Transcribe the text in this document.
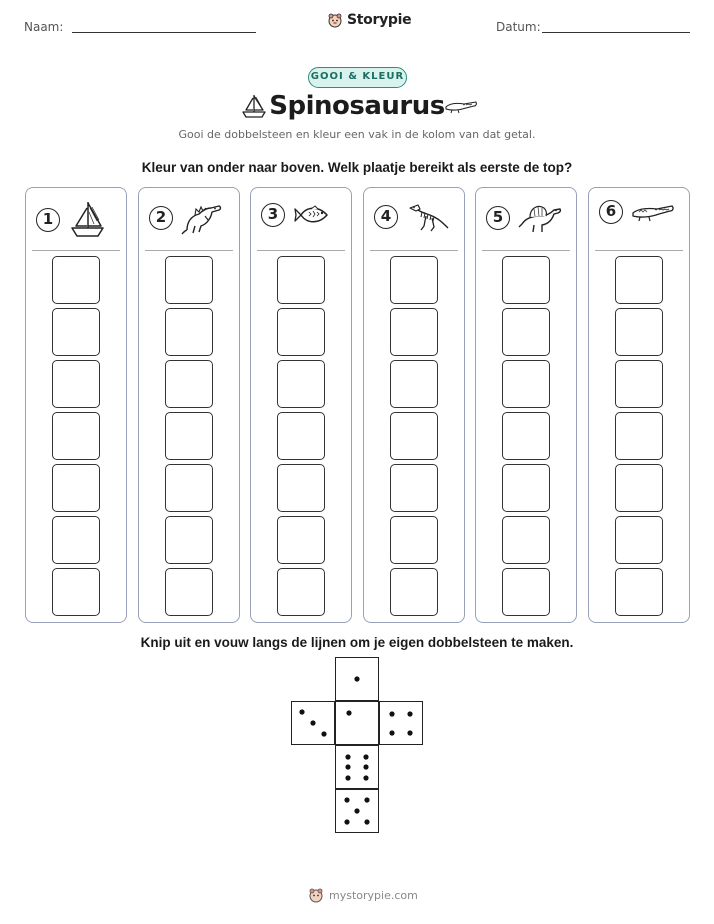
Naam:	Storypie	Datum:
GOOI & KLEUR
Spinosaurus
Gooi de dobbelsteen en kleur een vak in de kolom van dat getal.
Kleur van onder naar boven. Welk plaatje bereikt als eerste de top?
1	2	3	4	5	6
Knip uit en vouw langs de lijnen om je eigen dobbelsteen te maken.
mystorypie.com
